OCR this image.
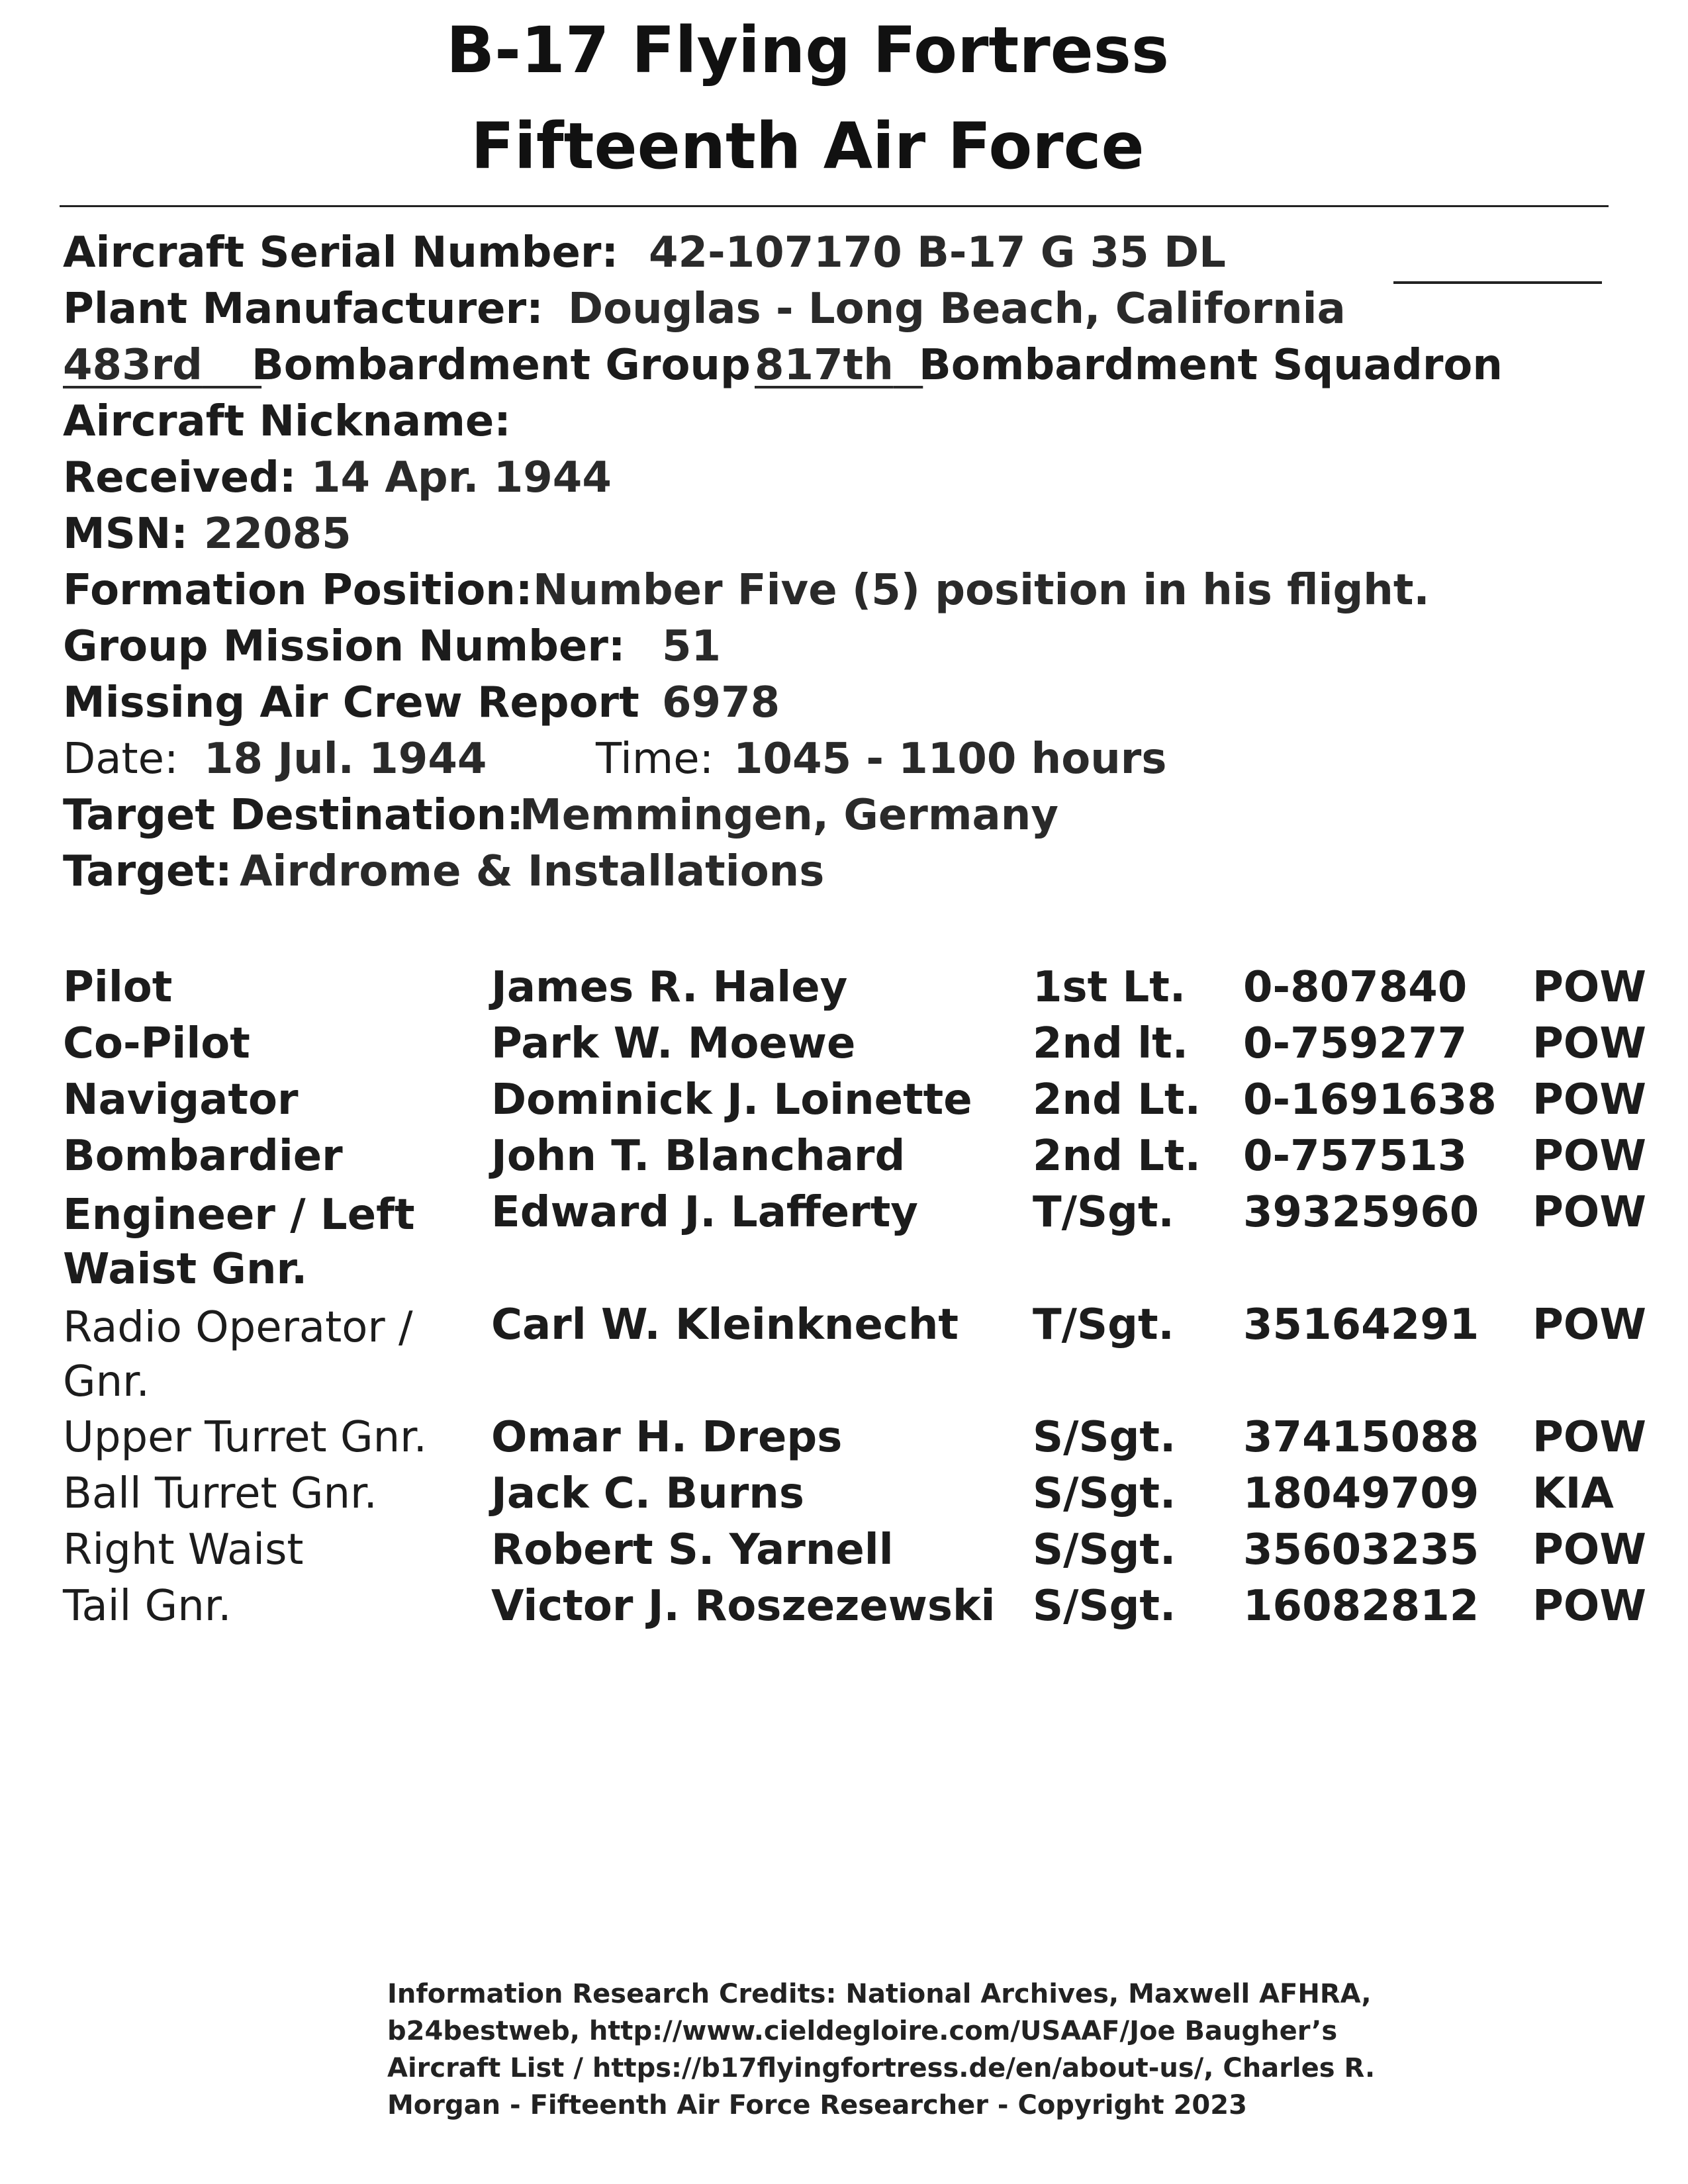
B-17 Flying Fortress
Fifteenth Air Force
Aircraft Serial Number: 42-107170 B-17 G 35 DL
Plant Manufacturer: Douglas - Long Beach, California
483rd	Bombardment Group 817th Bombardment Squadron
Aircraft Nickname:
Received: 14 Apr. 1944
MSN: 22085
Formation Position: Number Five (5) position in his flight.
Group Mission Number: 51
Missing Air Crew Report 6978
Date: 18 Jul. 1944	Time: 1045 - 1100 hours
Target Destination:
Memmingen, Germany
Target: Airdrome & Installations
Pilot	James R. Haley	1st Lt. 0-807840 POW
Co-Pilot	Park W. Moewe	2nd lt. 0-759277 POW
Navigator	Dominick J. Loinette 2nd Lt. 0-1691638 POW
Bombardier	John T. Blanchard	2nd Lt. 0-757513 POW
Engineer / Left Waist Gnr.
Edward J. Lafferty	T/Sgt. 39325960 POW
Radio Operator / Gnr.
Carl W. Kleinknecht T/Sgt. 35164291 POW
Upper Turret Gnr. Omar H. Dreps	S/Sgt. 37415088 POW
Ball Turret Gnr.	Jack C. Burns	S/Sgt. 18049709 KIA
Right Waist	Robert S. Yarnell	S/Sgt. 35603235 POW
Tail Gnr.	Victor J. Roszezewski S/Sgt. 16082812 POW
Information Research Credits: National Archives, Maxwell AFHRA,
b24bestweb, http://www.cieldegloire.com/USAAF/Joe Baugher’s
Aircraft List / https://b17flyingfortress.de/en/about-us/, Charles R.
Morgan - Fifteenth Air Force Researcher - Copyright 2023
